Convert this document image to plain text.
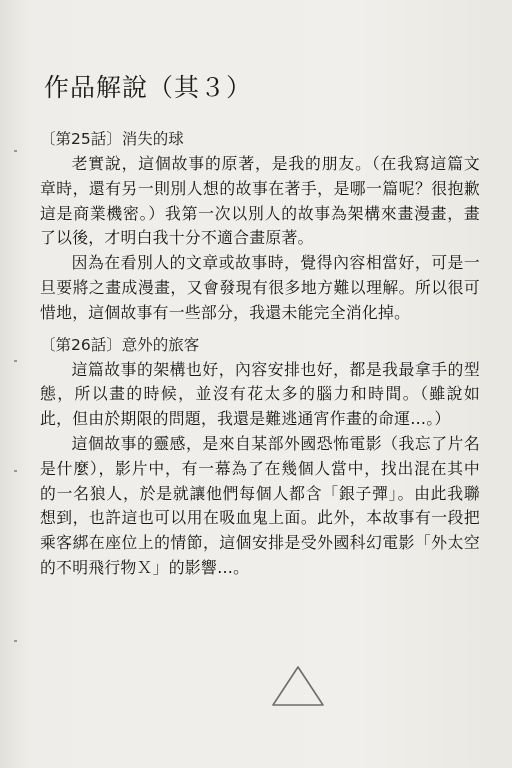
作品解說（其３）
〔第25話〕消失的球

老實說，這個故事的原著，是我的朋友。（在我寫這篇文章時，還有另一則別人想的故事在著手，是哪一篇呢？很抱歉這是商業機密。）我第一次以別人的故事為架構來畫漫畫，畫了以後，才明白我十分不適合畫原著。

因為在看別人的文章或故事時，覺得內容相當好，可是一旦要將之畫成漫畫，又會發現有很多地方難以理解。所以很可惜地，這個故事有一些部分，我還未能完全消化掉。

〔第26話〕意外的旅客

這篇故事的架構也好，內容安排也好，都是我最拿手的型態，所以畫的時候，並沒有花太多的腦力和時間。（雖說如此，但由於期限的問題，我還是難逃通宵作畫的命運…。）

這個故事的靈感，是來自某部外國恐怖電影（我忘了片名是什麼），影片中，有一幕為了在幾個人當中，找出混在其中的一名狼人，於是就讓他們每個人都含「銀子彈」。由此我聯想到，也許這也可以用在吸血鬼上面。此外，本故事有一段把乘客綁在座位上的情節，這個安排是受外國科幻電影「外太空的不明飛行物Ｘ」的影響…。
